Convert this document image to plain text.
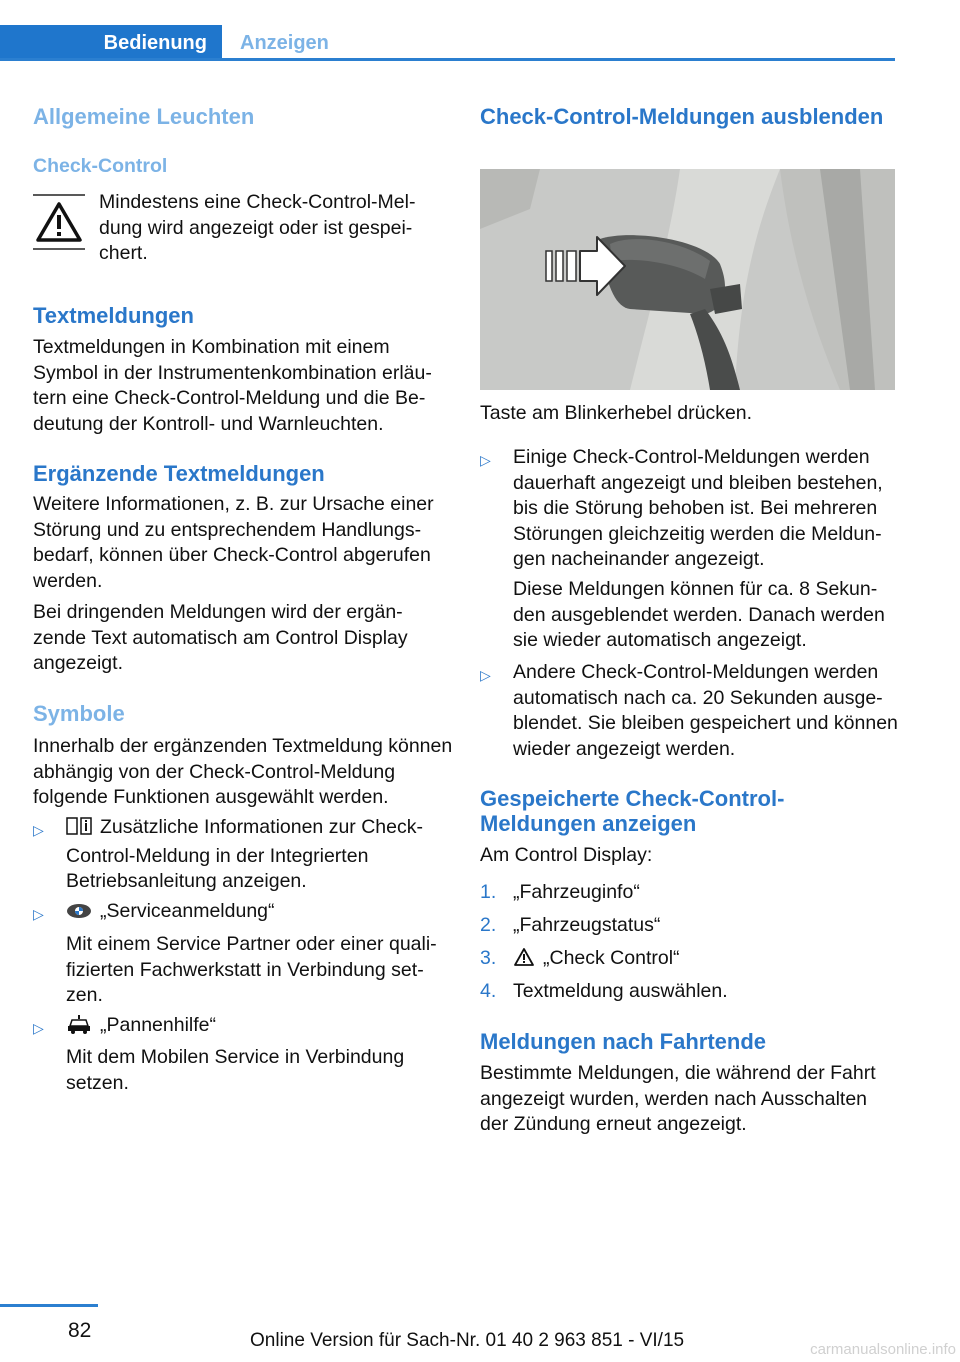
Bedienung	Anzeigen
Allgemeine Leuchten
Check-Control

Mindestens eine Check-Control-Meldung wird angezeigt oder ist gespeichert.

Textmeldungen

Textmeldungen in Kombination mit einem Symbol in der Instrumentenkombination erläutern eine Check-Control-Meldung und die Bedeutung der Kontroll- und Warnleuchten.

Ergänzende Textmeldungen

Weitere Informationen, z. B. zur Ursache einer Störung und zu entsprechendem Handlungsbedarf, können über Check-Control abgerufen werden.

Bei dringenden Meldungen wird der ergänzende Text automatisch am Control Display angezeigt.

Symbole

Innerhalb der ergänzenden Textmeldung können abhängig von der Check-Control-Meldung folgende Funktionen ausgewählt werden.

▷	Zusätzliche Informationen zur Check-Control-Meldung in der Integrierten Betriebsanleitung anzeigen.

▷	„Serviceanmeldung“

Mit einem Service Partner oder einer qualifizierten Fachwerkstatt in Verbindung setzen.

▷	„Pannenhilfe“

Mit dem Mobilen Service in Verbindung setzen.

Check-Control-Meldungen ausblenden

Taste am Blinkerhebel drücken.

▷ Einige Check-Control-Meldungen werden dauerhaft angezeigt und bleiben bestehen, bis die Störung behoben ist. Bei mehreren Störungen gleichzeitig werden die Meldungen nacheinander angezeigt.

Diese Meldungen können für ca. 8 Sekunden ausgeblendet werden. Danach werden sie wieder automatisch angezeigt.

▷ Andere Check-Control-Meldungen werden automatisch nach ca. 20 Sekunden ausgeblendet. Sie bleiben gespeichert und können wieder angezeigt werden.

Gespeicherte Check-Control-Meldungen anzeigen

Am Control Display:

1. „Fahrzeuginfo“

2. „Fahrzeugstatus“

3.	„Check Control“

4. Textmeldung auswählen.

Meldungen nach Fahrtende

Bestimmte Meldungen, die während der Fahrt angezeigt wurden, werden nach Ausschalten der Zündung erneut angezeigt.

82	Online Version für Sach-Nr. 01 40 2 963 851 - VI/15	carmanualsonline.info
